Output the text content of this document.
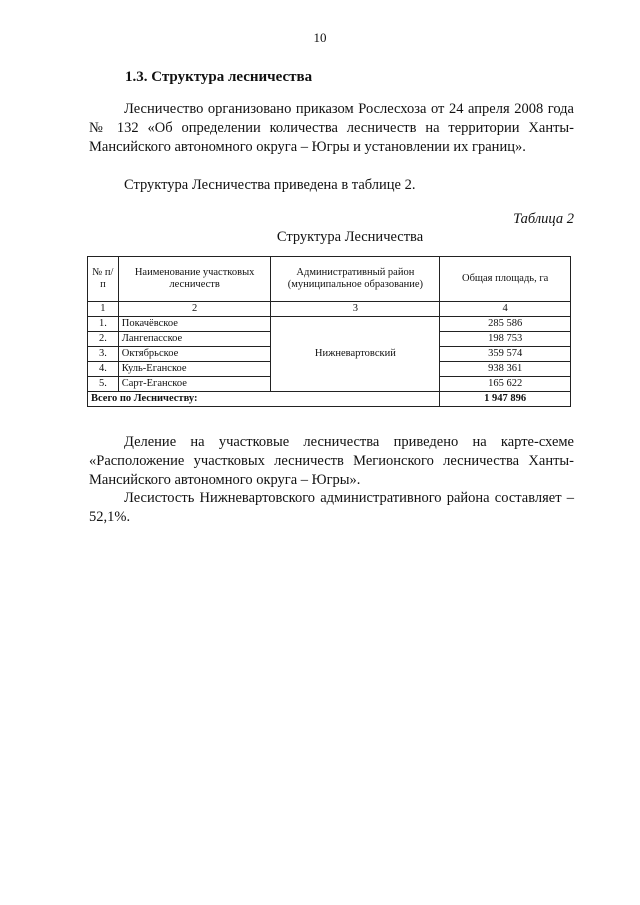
10
1.3. Структура лесничества

Лесничество организовано приказом Рослесхоза от 24 апреля 2008 года № 132 «Об определении количества лесничеств на территории Ханты-Мансийского автономного округа – Югры и установлении их границ».

Структура Лесничества приведена в таблице 2.

Таблица 2
Структура Лесничества
№ п/п	Наименование участковых лесничеств	Административный район (муниципальное образование)	Общая площадь, га
1	2	3	4
1.	Покачёвское	Нижневартовский	285 586
2.	Лангепасское		198 753
3.	Октябрьское		359 574
4.	Куль-Еганское		938 361
5.	Сарт-Еганское		165 622
Всего по Лесничеству:			1 947 896

Деление на участковые лесничества приведено на карте-схеме «Расположение участковых лесничеств Мегионского лесничества Ханты-Мансийского автономного округа – Югры».

Лесистость Нижневартовского административного района составляет – 52,1%.
